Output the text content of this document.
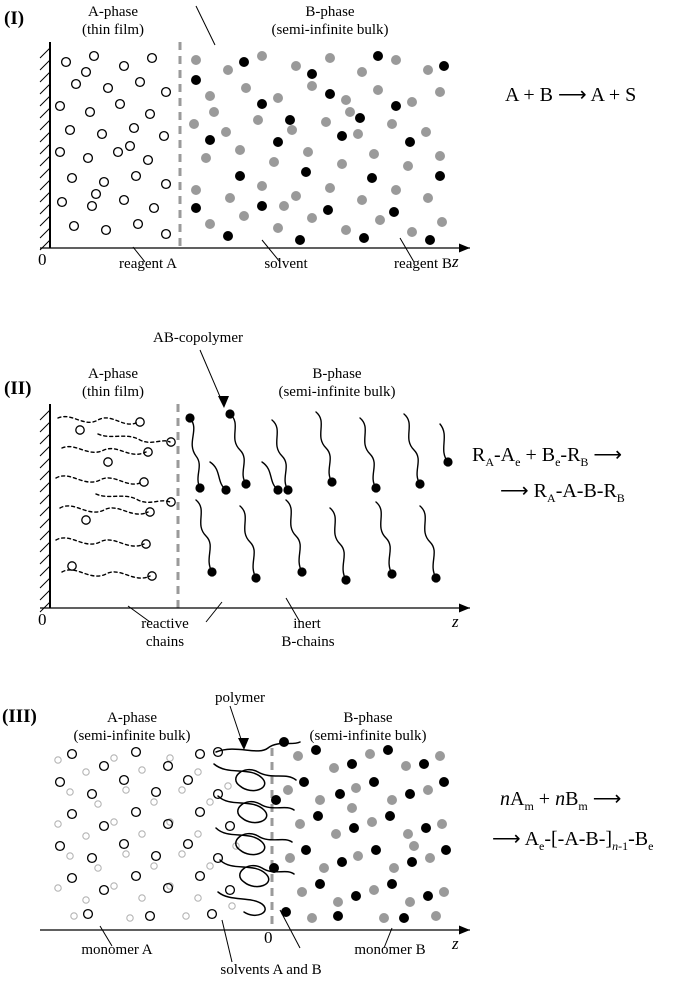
(I)	A-phase
(thin film)
B-phase
(semi-infinite bulk)
reagent A	solvent	reagent B
0	z
A + B ⟶ A + S
(II)
AB-copolymer
A-phase
(thin film)
B-phase
(semi-infinite bulk)
reactive
chains
inert
B-chains
0	z
$R_A-A_e + B_e-R_B$ ⟶
⟶ $R_A-A-B-R_B$
(III)
polymer
A-phase
(semi-infinite bulk)
B-phase
(semi-infinite bulk)
monomer A
solvents A and B
monomer B
0	z
$nA_m + nB_m$ ⟶
⟶ $A_e-[-A-B-]_{n-1}-B_e$
